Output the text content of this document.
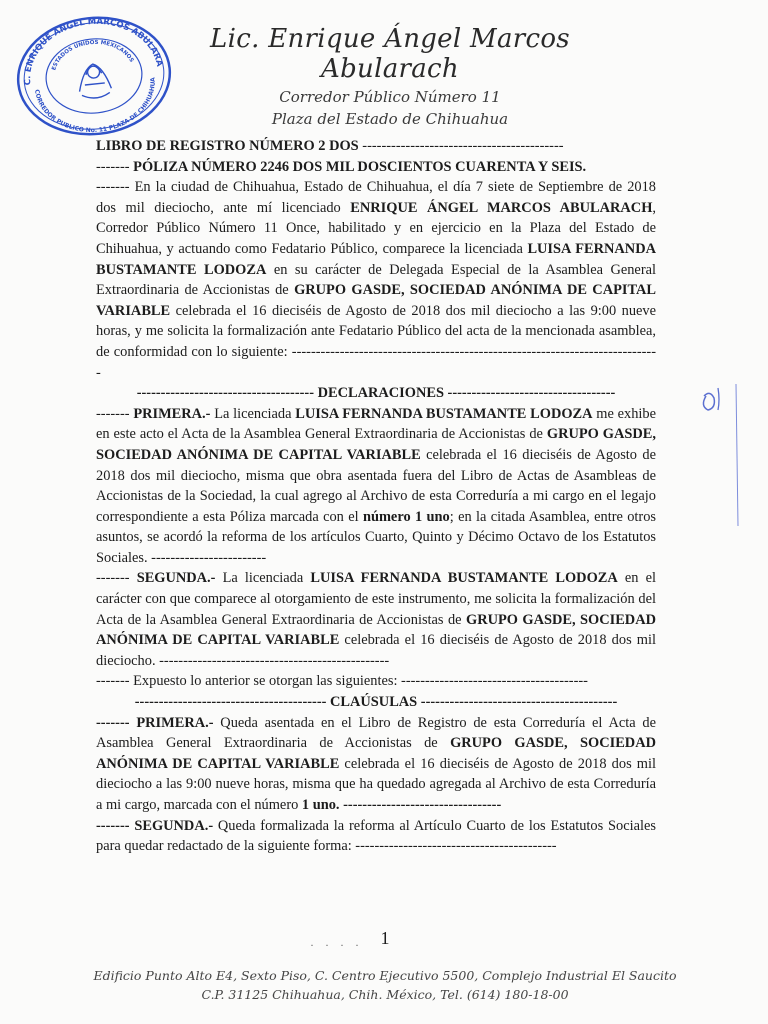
LIC. ENRIQUE ANGEL MARCOS ABULARACH
ESTADOS UNIDOS MEXICANOS
CORREDOR PUBLICO No. 11 PLAZA DE CHIHUAHUA
Lic. Enrique Ángel Marcos Abularach
Corredor Público Número 11
Plaza del Estado de Chihuahua

LIBRO DE REGISTRO NÚMERO 2 DOS ------------------------------------------

------- PÓLIZA NÚMERO 2246 DOS MIL DOSCIENTOS CUARENTA Y SEIS.

------- En la ciudad de Chihuahua, Estado de Chihuahua, el día 7 siete de Septiembre de 2018 dos mil dieciocho, ante mí licenciado ENRIQUE ÁNGEL MARCOS ABULARACH, Corredor Público Número 11 Once, habilitado y en ejercicio en la Plaza del Estado de Chihuahua, y actuando como Fedatario Público, comparece la licenciada LUISA FERNANDA BUSTAMANTE LODOZA en su carácter de Delegada Especial de la Asamblea General Extraordinaria de Accionistas de GRUPO GASDE, SOCIEDAD ANÓNIMA DE CAPITAL VARIABLE celebrada el 16 dieciséis de Agosto de 2018 dos mil dieciocho a las 9:00 nueve horas, y me solicita la formalización ante Fedatario Público del acta de la mencionada asamblea, de conformidad con lo siguiente: -----------------------------------------------------------------------------

------------------------------------- DECLARACIONES -----------------------------------

------- PRIMERA.- La licenciada LUISA FERNANDA BUSTAMANTE LODOZA me exhibe en este acto el Acta de la Asamblea General Extraordinaria de Accionistas de GRUPO GASDE, SOCIEDAD ANÓNIMA DE CAPITAL VARIABLE celebrada el 16 dieciséis de Agosto de 2018 dos mil dieciocho, misma que obra asentada fuera del Libro de Actas de Asambleas de Accionistas de la Sociedad, la cual agrego al Archivo de esta Correduría a mi cargo en el legajo correspondiente a esta Póliza marcada con el número 1 uno; en la citada Asamblea, entre otros asuntos, se acordó la reforma de los artículos Cuarto, Quinto y Décimo Octavo de los Estatutos Sociales. ------------------------

------- SEGUNDA.- La licenciada LUISA FERNANDA BUSTAMANTE LODOZA en el carácter con que comparece al otorgamiento de este instrumento, me solicita la formalización del Acta de la Asamblea General Extraordinaria de Accionistas de GRUPO GASDE, SOCIEDAD ANÓNIMA DE CAPITAL VARIABLE celebrada el 16 dieciséis de Agosto de 2018 dos mil dieciocho. ------------------------------------------------

------- Expuesto lo anterior se otorgan las siguientes: ---------------------------------------

---------------------------------------- CLAÚSULAS -----------------------------------------

------- PRIMERA.- Queda asentada en el Libro de Registro de esta Correduría el Acta de Asamblea General Extraordinaria de Accionistas de GRUPO GASDE, SOCIEDAD ANÓNIMA DE CAPITAL VARIABLE celebrada el 16 dieciséis de Agosto de 2018 dos mil dieciocho a las 9:00 nueve horas, misma que ha quedado agregada al Archivo de esta Correduría a mi cargo, marcada con el número 1 uno. ---------------------------------

------- SEGUNDA.- Queda formalizada la reforma al Artículo Cuarto de los Estatutos Sociales para quedar redactado de la siguiente forma: ------------------------------------------

· · · · 1
Edificio Punto Alto E4, Sexto Piso, C. Centro Ejecutivo 5500, Complejo Industrial El Saucito
C.P. 31125 Chihuahua, Chih. México, Tel. (614) 180-18-00
